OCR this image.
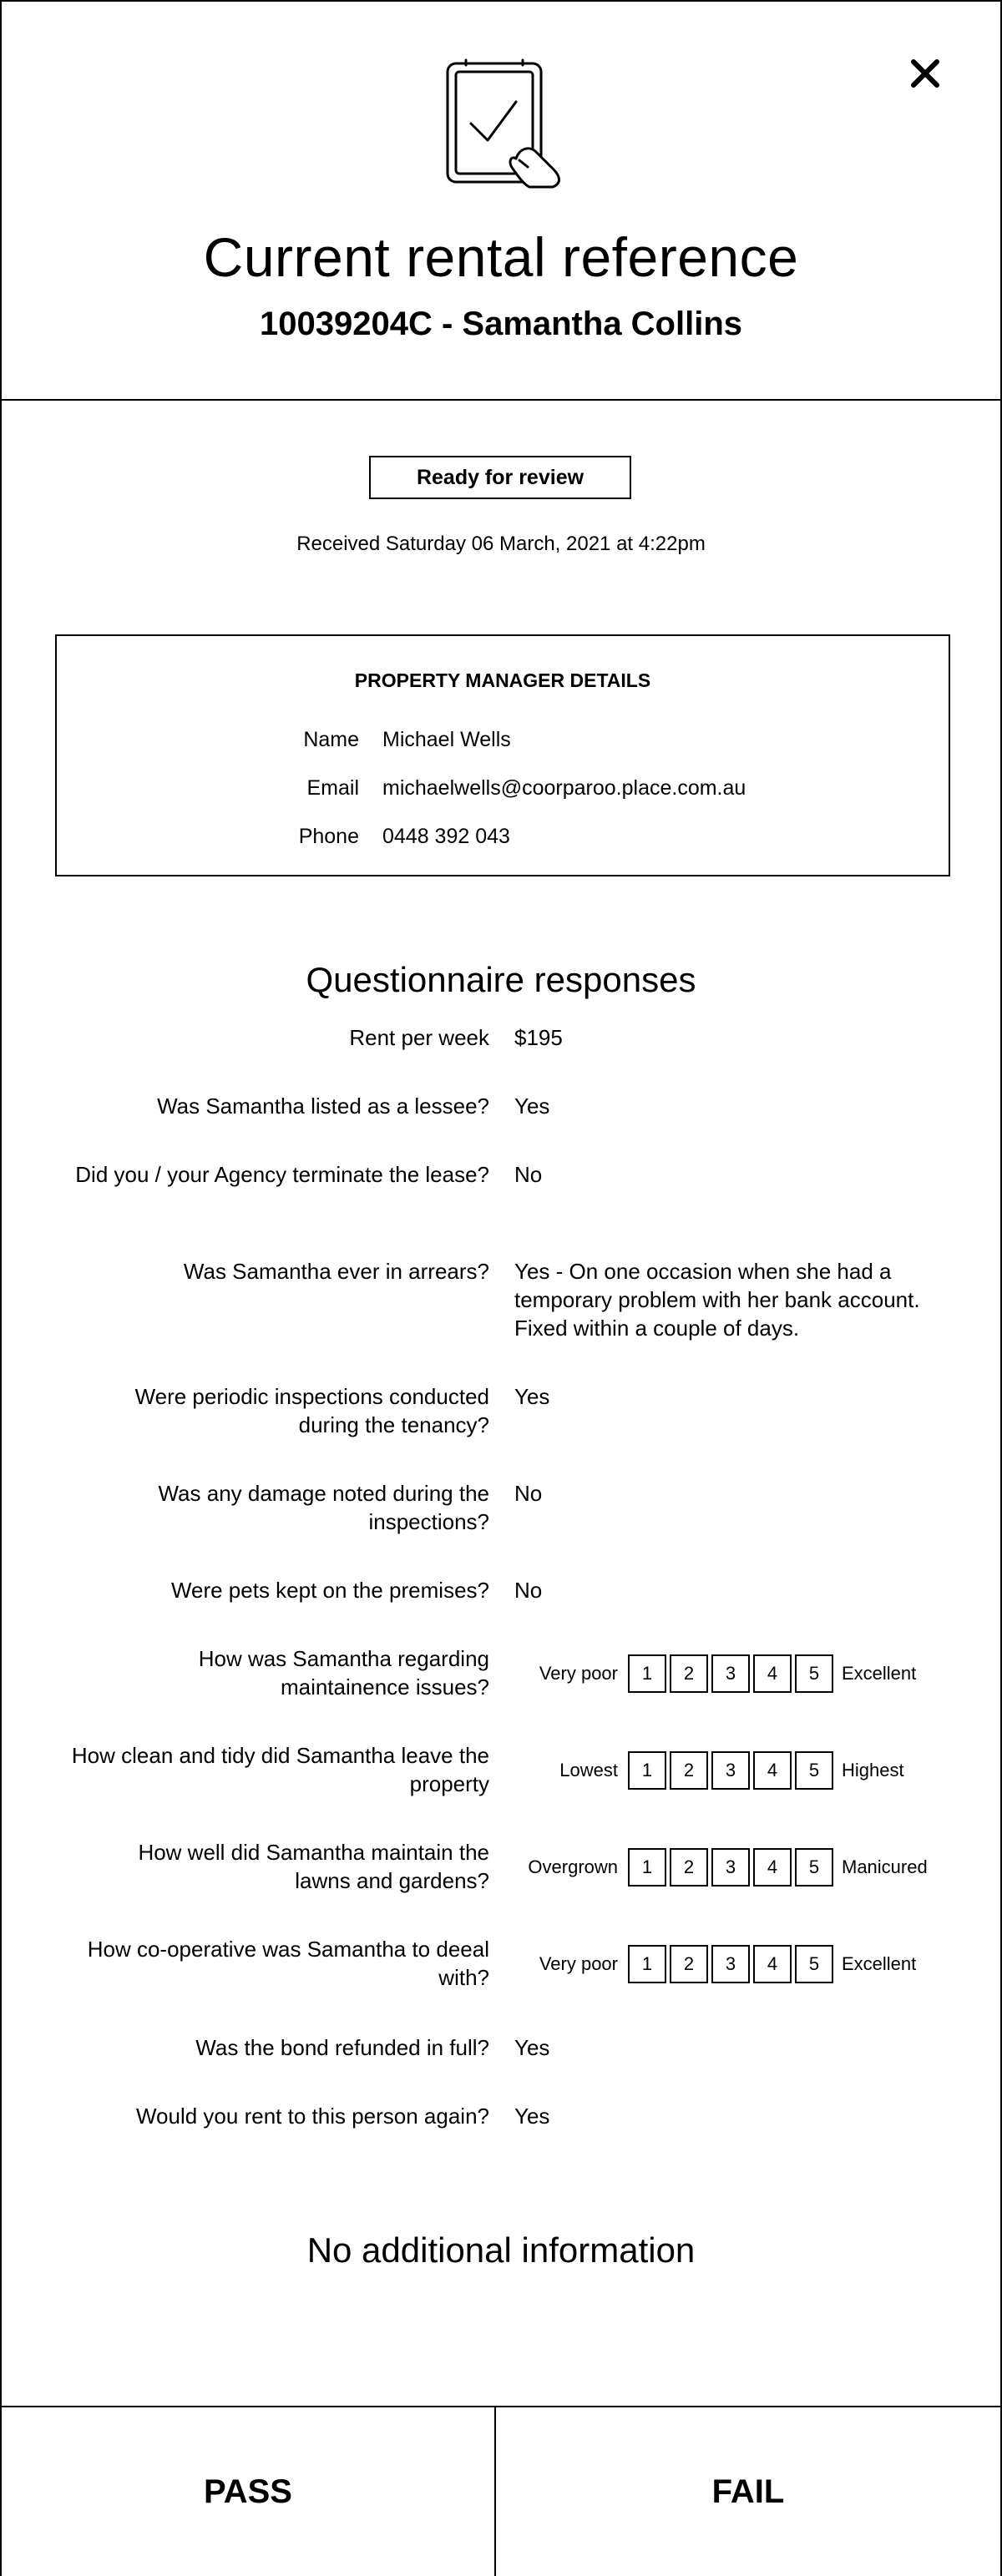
Current rental reference
10039204C - Samantha Collins
Ready for review
Received Saturday 06 March, 2021 at 4:22pm
PROPERTY MANAGER DETAILS
Name Michael Wells
Email michaelwells@coorparoo.place.com.au
Phone 0448 392 043
Questionnaire responses
Rent per week $195
Was Samantha listed as a lessee? Yes
Did you / your Agency terminate the lease? No
Was Samantha ever in arrears? Yes - On one occasion when she had a temporary problem with her bank account. Fixed within a couple of days.
Were periodic inspections conducted during the tenancy?
Yes
Was any damage noted during the inspections?
No
Were pets kept on the premises? No
How was Samantha regarding maintainence issues?
Very poor	1	2	3	4	5	Excellent
How clean and tidy did Samantha leave the property
Lowest	1	2	3	4	5	Highest
How well did Samantha maintain the lawns and gardens?
Overgrown	1	2	3	4	5	Manicured
How co-operative was Samantha to deeal with?
Very poor	1	2	3	4	5	Excellent
Was the bond refunded in full? Yes
Would you rent to this person again? Yes
No additional information
PASS	FAIL
